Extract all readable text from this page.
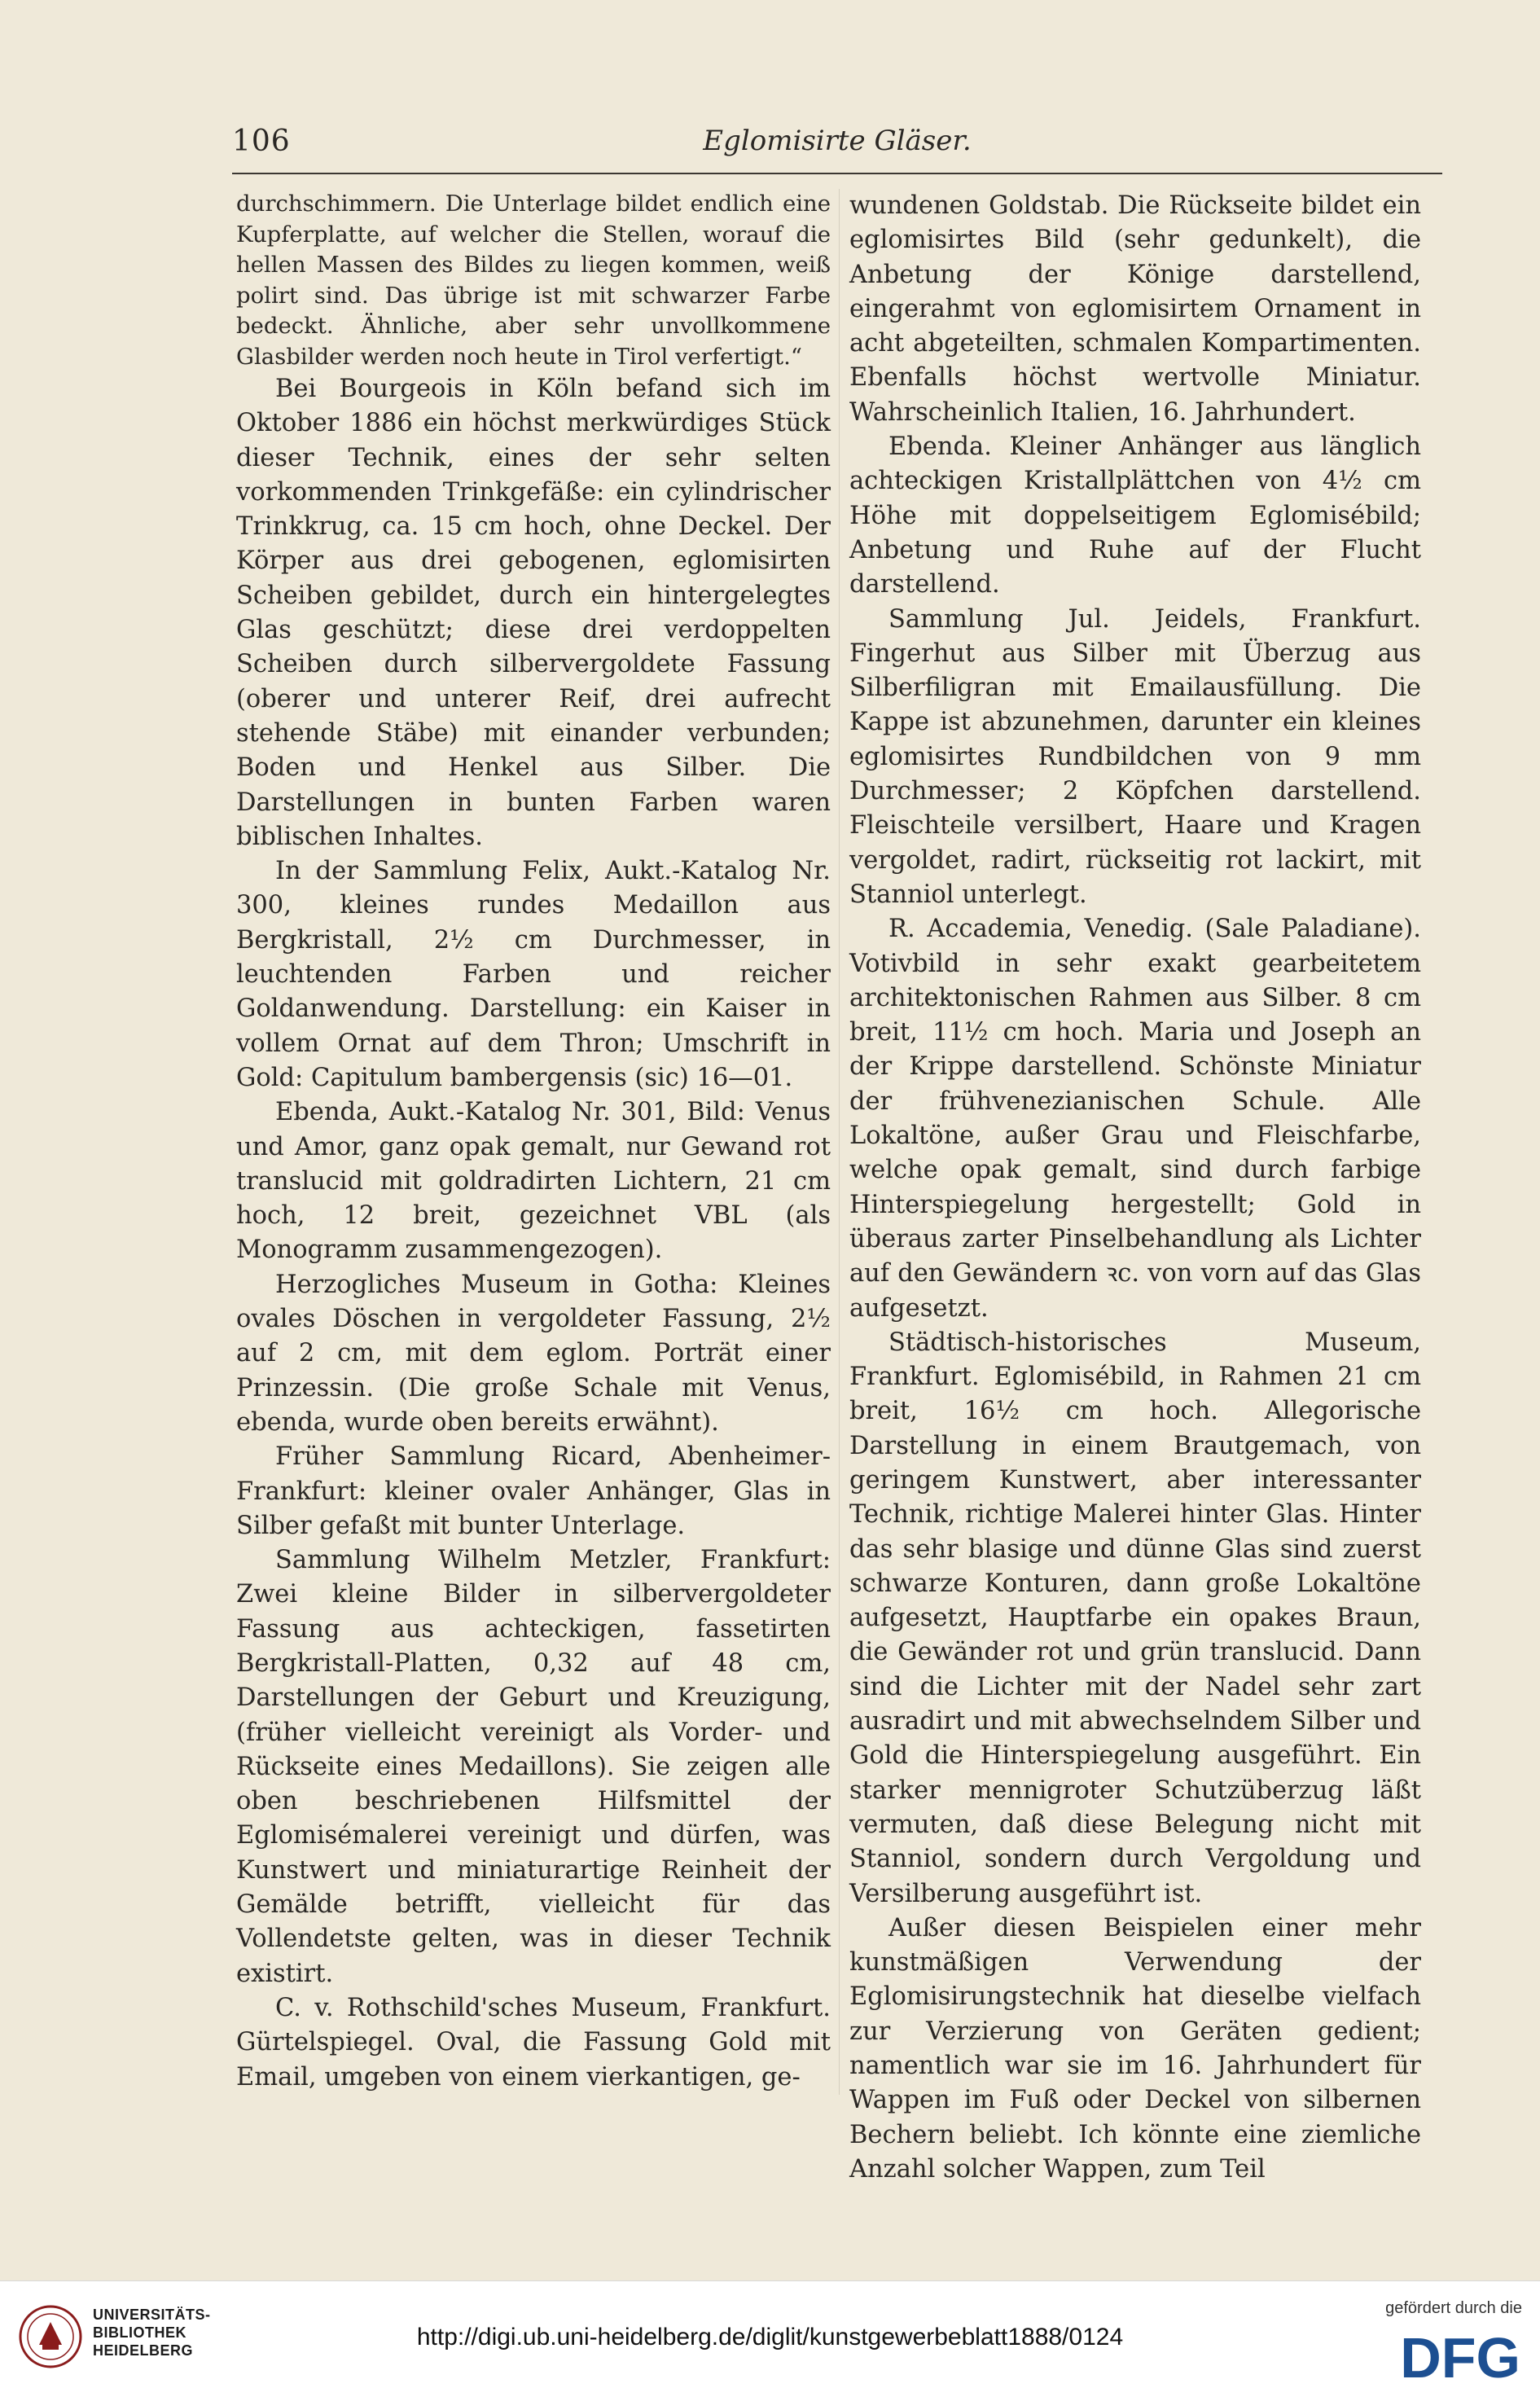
106	Eglomisirte Gläser.

durchschimmern. Die Unterlage bildet endlich eine Kupferplatte, auf welcher die Stellen, worauf die hellen Massen des Bildes zu liegen kommen, weiß polirt sind. Das übrige ist mit schwarzer Farbe bedeckt. Ähnliche, aber sehr unvollkommene Glasbilder werden noch heute in Tirol verfertigt.“

Bei Bourgeois in Köln befand sich im Oktober 1886 ein höchst merkwürdiges Stück dieser Technik, eines der sehr selten vorkommenden Trinkgefäße: ein cylindrischer Trinkkrug, ca. 15 cm hoch, ohne Deckel. Der Körper aus drei gebogenen, eglomisirten Scheiben gebildet, durch ein hintergelegtes Glas geschützt; diese drei verdoppelten Scheiben durch silbervergoldete Fassung (oberer und unterer Reif, drei aufrecht stehende Stäbe) mit einander verbunden; Boden und Henkel aus Silber. Die Darstellungen in bunten Farben waren biblischen Inhaltes.

In der Sammlung Felix, Aukt.-Katalog Nr. 300, kleines rundes Medaillon aus Bergkristall, 2½ cm Durchmesser, in leuchtenden Farben und reicher Goldanwendung. Darstellung: ein Kaiser in vollem Ornat auf dem Thron; Umschrift in Gold: Capitulum bambergensis (sic) 16—01.

Ebenda, Aukt.-Katalog Nr. 301, Bild: Venus und Amor, ganz opak gemalt, nur Gewand rot translucid mit goldradirten Lichtern, 21 cm hoch, 12 breit, gezeichnet VBL (als Monogramm zusammengezogen).

Herzogliches Museum in Gotha: Kleines ovales Döschen in vergoldeter Fassung, 2½ auf 2 cm, mit dem eglom. Porträt einer Prinzessin. (Die große Schale mit Venus, ebenda, wurde oben bereits erwähnt).

Früher Sammlung Ricard, Abenheimer-Frankfurt: kleiner ovaler Anhänger, Glas in Silber gefaßt mit bunter Unterlage.

Sammlung Wilhelm Metzler, Frankfurt: Zwei kleine Bilder in silbervergoldeter Fassung aus achteckigen, fassetirten Bergkristall-Platten, 0,32 auf 48 cm, Darstellungen der Geburt und Kreuzigung, (früher vielleicht vereinigt als Vorder- und Rückseite eines Medaillons). Sie zeigen alle oben beschriebenen Hilfsmittel der Eglomisémalerei vereinigt und dürfen, was Kunstwert und miniaturartige Reinheit der Gemälde betrifft, vielleicht für das Vollendetste gelten, was in dieser Technik existirt.

C. v. Rothschild'sches Museum, Frankfurt. Gürtelspiegel. Oval, die Fassung Gold mit Email, umgeben von einem vierkantigen, ge-

wundenen Goldstab. Die Rückseite bildet ein eglomisirtes Bild (sehr gedunkelt), die Anbetung der Könige darstellend, eingerahmt von eglomisirtem Ornament in acht abgeteilten, schmalen Kompartimenten. Ebenfalls höchst wertvolle Miniatur. Wahrscheinlich Italien, 16. Jahrhundert.

Ebenda. Kleiner Anhänger aus länglich achteckigen Kristallplättchen von 4½ cm Höhe mit doppelseitigem Eglomisébild; Anbetung und Ruhe auf der Flucht darstellend.

Sammlung Jul. Jeidels, Frankfurt. Fingerhut aus Silber mit Überzug aus Silberfiligran mit Emailausfüllung. Die Kappe ist abzunehmen, darunter ein kleines eglomisirtes Rundbildchen von 9 mm Durchmesser; 2 Köpfchen darstellend. Fleischteile versilbert, Haare und Kragen vergoldet, radirt, rückseitig rot lackirt, mit Stanniol unterlegt.

R. Accademia, Venedig. (Sale Paladiane). Votivbild in sehr exakt gearbeitetem architektonischen Rahmen aus Silber. 8 cm breit, 11½ cm hoch. Maria und Joseph an der Krippe darstellend. Schönste Miniatur der frühvenezianischen Schule. Alle Lokaltöne, außer Grau und Fleischfarbe, welche opak gemalt, sind durch farbige Hinterspiegelung hergestellt; Gold in überaus zarter Pinselbehandlung als Lichter auf den Gewändern ꝛc. von vorn auf das Glas aufgesetzt.

Städtisch-historisches Museum, Frankfurt. Eglomisébild, in Rahmen 21 cm breit, 16½ cm hoch. Allegorische Darstellung in einem Brautgemach, von geringem Kunstwert, aber interessanter Technik, richtige Malerei hinter Glas. Hinter das sehr blasige und dünne Glas sind zuerst schwarze Konturen, dann große Lokaltöne aufgesetzt, Hauptfarbe ein opakes Braun, die Gewänder rot und grün translucid. Dann sind die Lichter mit der Nadel sehr zart ausradirt und mit abwechselndem Silber und Gold die Hinterspiegelung ausgeführt. Ein starker mennigroter Schutzüberzug läßt vermuten, daß diese Belegung nicht mit Stanniol, sondern durch Vergoldung und Versilberung ausgeführt ist.

Außer diesen Beispielen einer mehr kunstmäßigen Verwendung der Eglomisirungstechnik hat dieselbe vielfach zur Verzierung von Geräten gedient; namentlich war sie im 16. Jahrhundert für Wappen im Fuß oder Deckel von silbernen Bechern beliebt. Ich könnte eine ziemliche Anzahl solcher Wappen, zum Teil

UNIVERSITÄTS-
BIBLIOTHEK
HEIDELBERG	http://digi.ub.uni-heidelberg.de/diglit/kunstgewerbeblatt1888/0124
gefördert durch die
DFG
